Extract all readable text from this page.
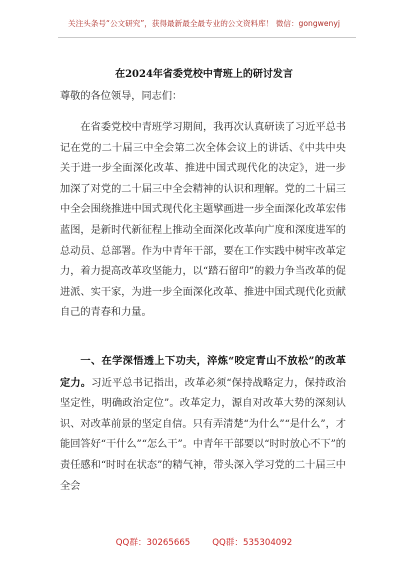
关注头条号“公文研究”，获得最新最全最专业的公文资料库！ 微信：gongwenyj
在2024年省委党校中青班上的研讨发言
尊敬的各位领导，同志们：
在省委党校中青班学习期间，我再次认真研读了习近平总书记在党的二十届三中全会第二次全体会议上的讲话、《中共中央关于进一步全面深化改革、推进中国式现代化的决定》，进一步加深了对党的二十届三中全会精神的认识和理解。党的二十届三中全会围绕推进中国式现代化主题擘画进一步全面深化改革宏伟蓝图，是新时代新征程上推动全面深化改革向广度和深度进军的总动员、总部署。作为中青年干部，要在工作实践中树牢改革定力，着力提高改革攻坚能力，以“踏石留印”的毅力争当改革的促进派、实干家，为进一步全面深化改革、推进中国式现代化贡献自己的青春和力量。
一、在学深悟透上下功夫，淬炼“咬定青山不放松”的改革定力。习近平总书记指出，改革必须“保持战略定力，保持政治坚定性，明确政治定位”。改革定力，源自对改革大势的深刻认识、对改革前景的坚定自信。只有弄清楚“为什么”“是什么”，才能回答好“干什么”“怎么干”。中青年干部要以“时时放心不下”的责任感和“时时在状态”的精气神，带头深入学习党的二十届三中全会
QQ群：30265665	QQ群：535304092
